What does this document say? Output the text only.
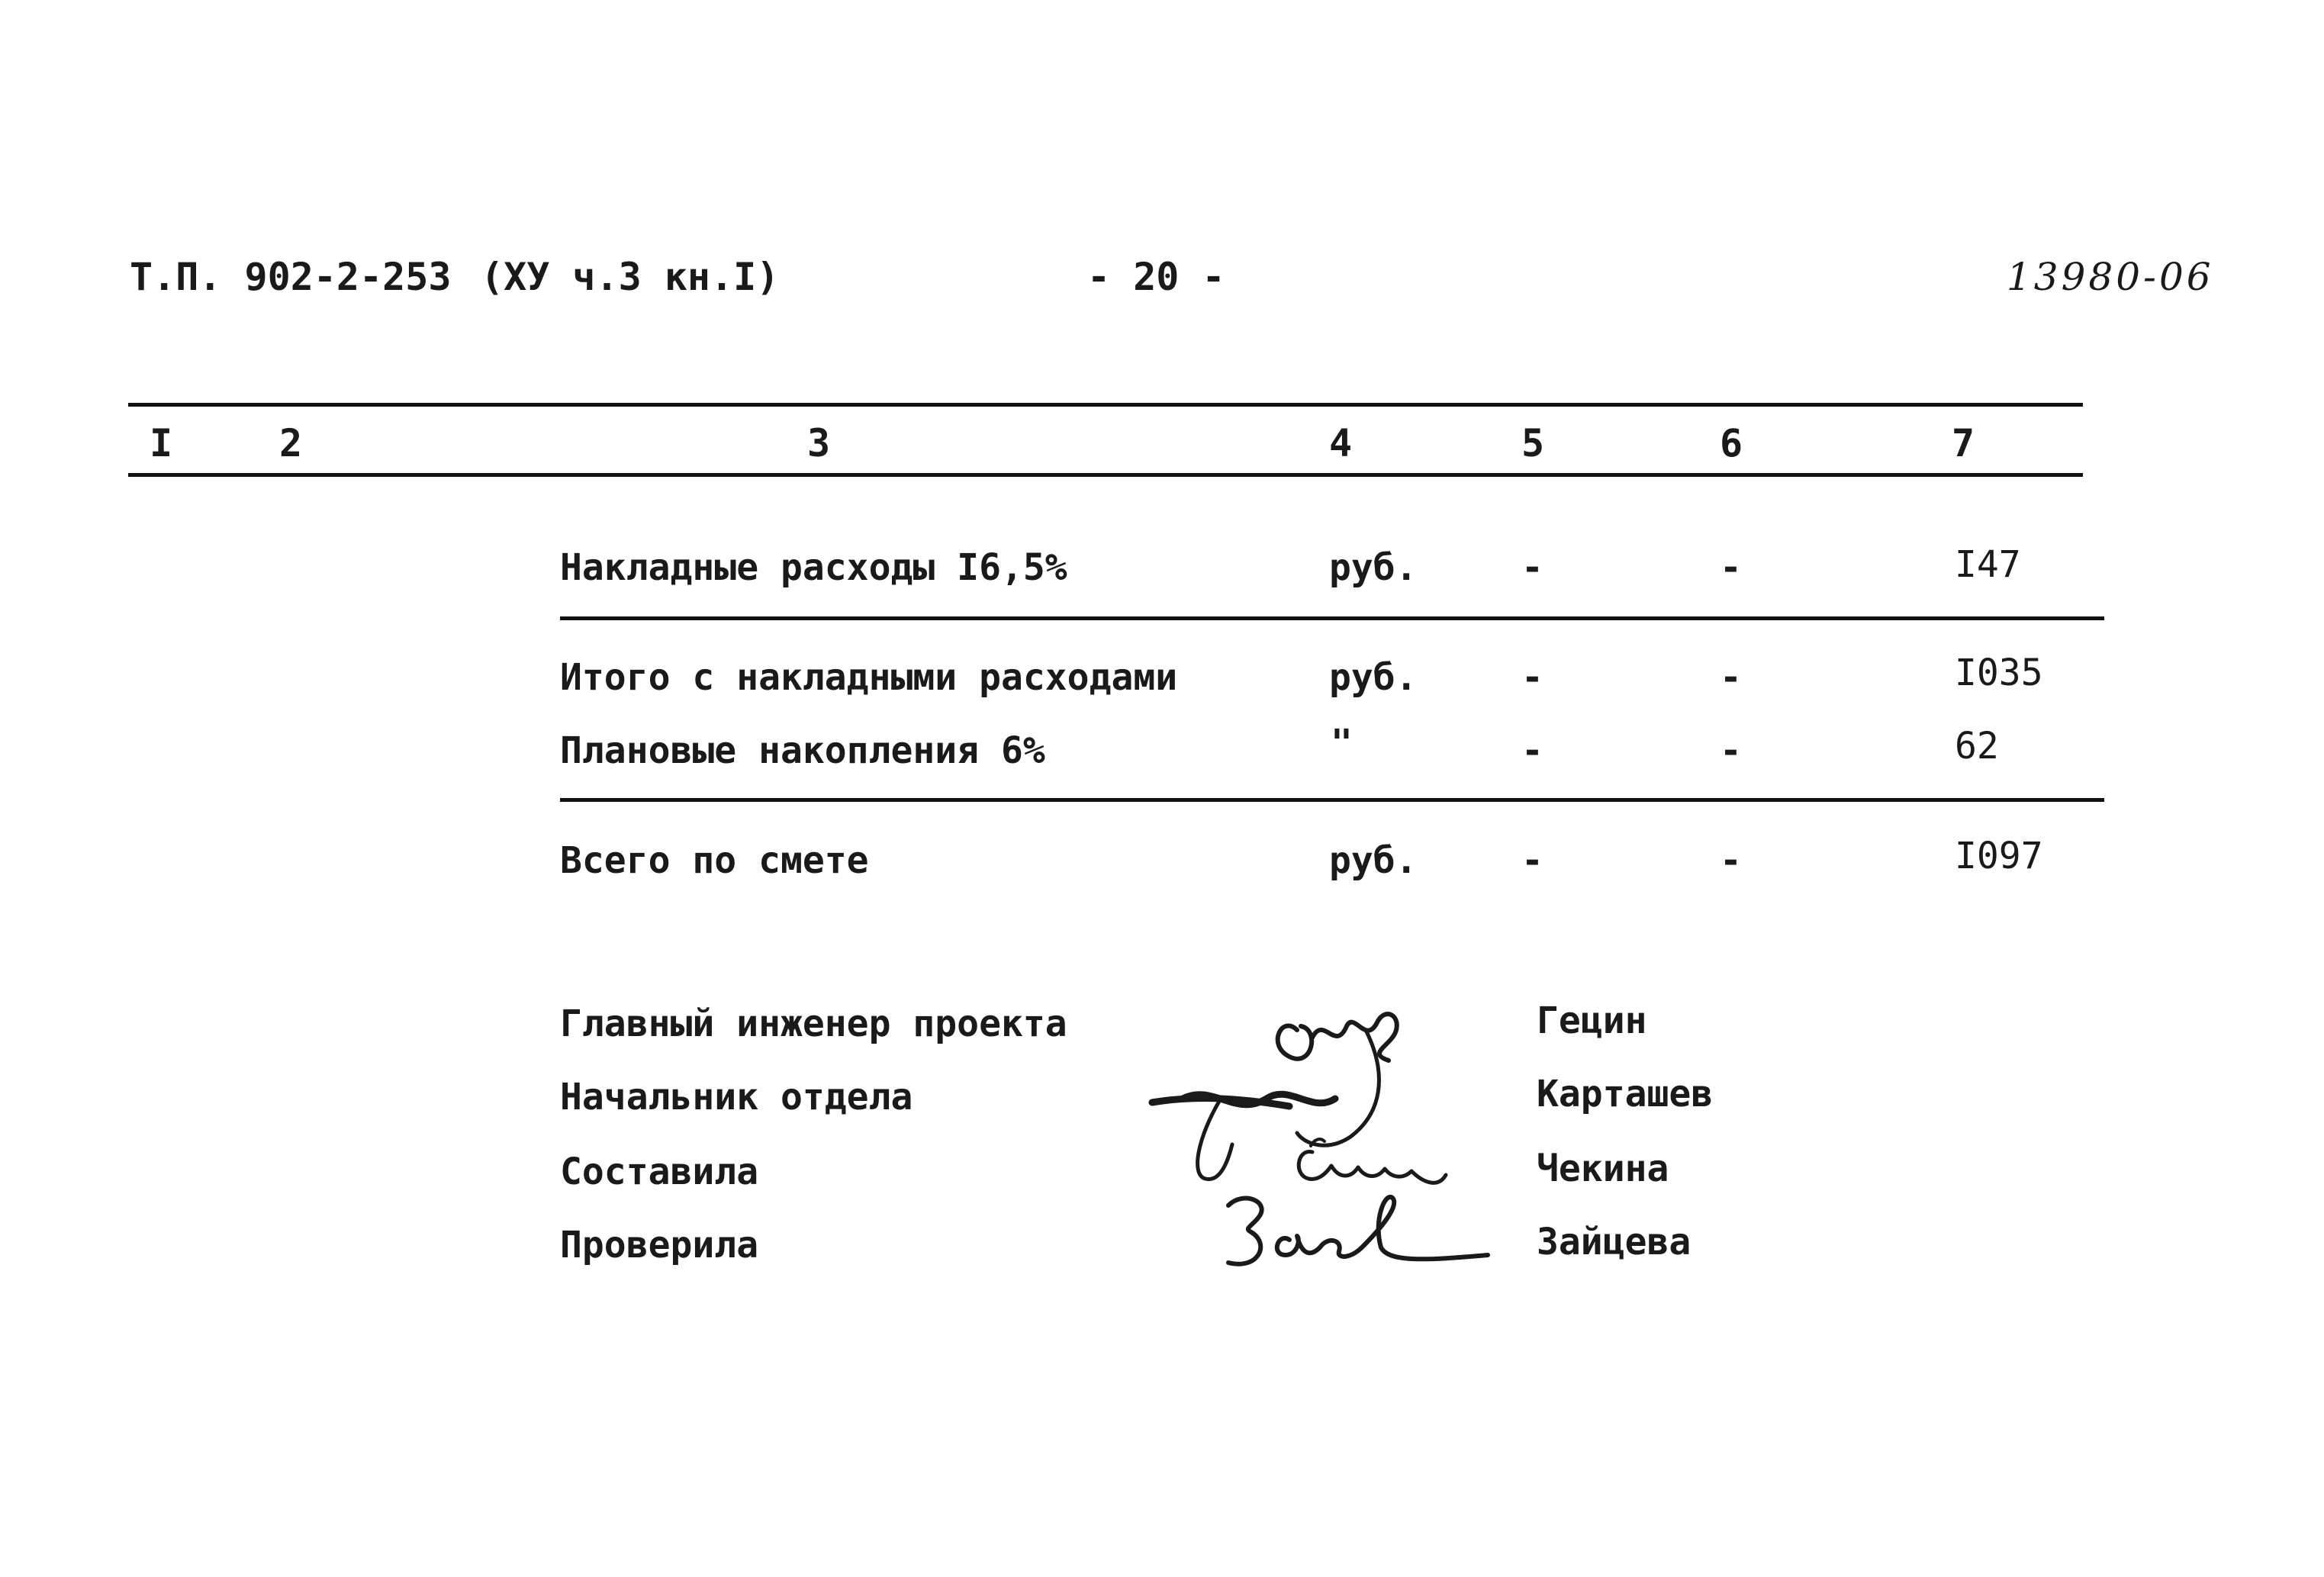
Т.П. 902-2-253 (ХУ ч.3 кн.I)	- 20 -	13980-06
I	2	3	4	5	6	7
Накладные расходы I6,5%	руб.	-	-	I47
Итого с накладными расходами	руб.	-	-	I035
Плановые накопления 6%	"	-	-	62
Всего по смете	руб.	-	-	I097
Главный инженер проекта
Начальник отдела
Составила
Проверила
Гецин
Карташев
Чекина
Зайцева
